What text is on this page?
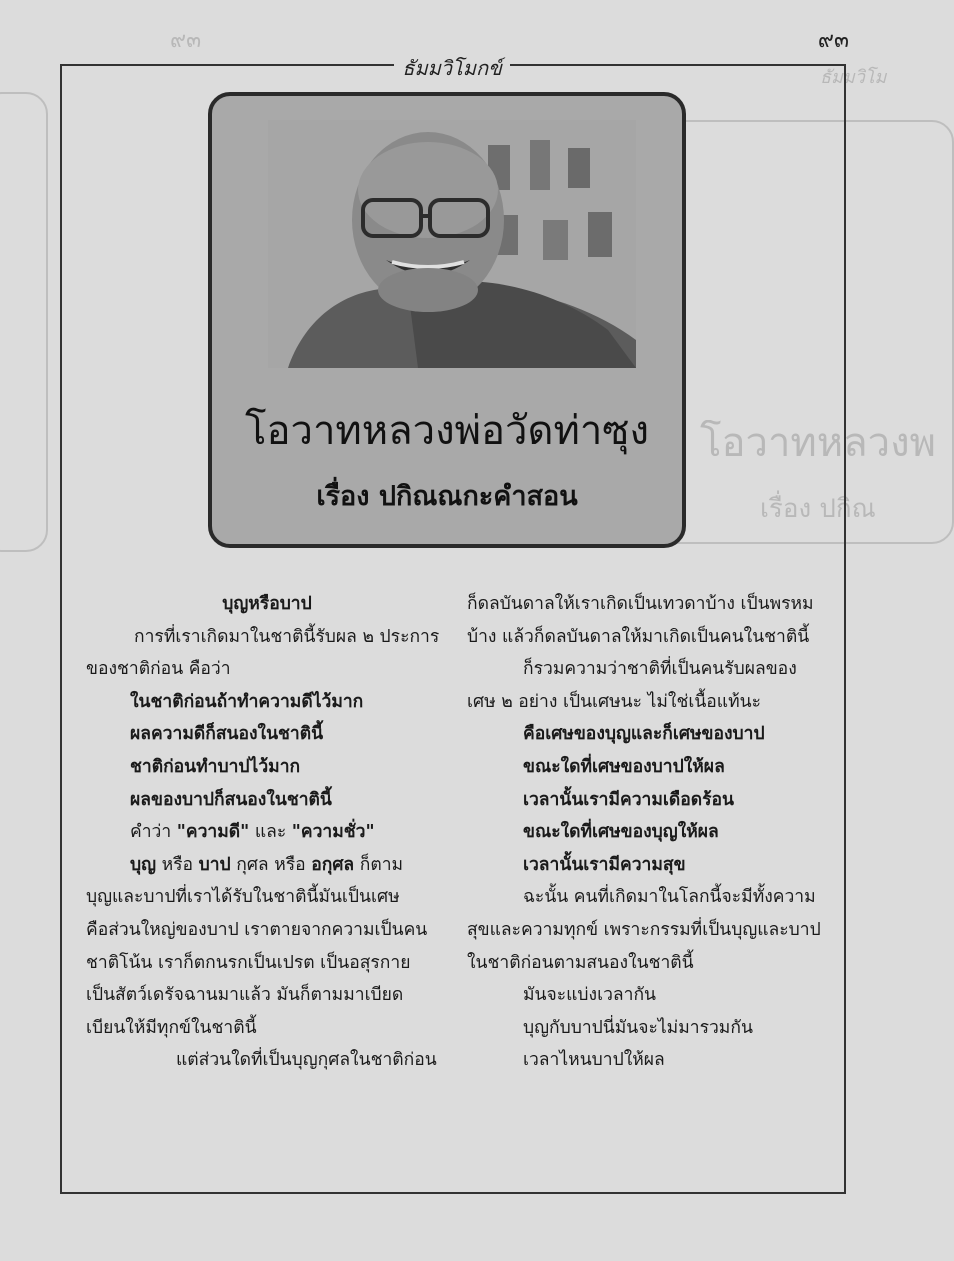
โอวาทหลวงพ
เรื่อง ปกิณ
ธัมมวิโม
๙๓	๙๓
ธัมมวิโมกข์
โอวาทหลวงพ่อวัดท่าซุง
เรื่อง ปกิณณกะคำสอน

บุญหรือบาป

การที่เราเกิดมาในชาตินี้รับผล ๒ ประการ

ของชาติก่อน คือว่า

ในชาติก่อนถ้าทำความดีไว้มาก

ผลความดีก็สนองในชาตินี้

ชาติก่อนทำบาปไว้มาก

ผลของบาปก็สนองในชาตินี้

คำว่า "ความดี" และ "ความชั่ว"

บุญ หรือ บาป กุศล หรือ อกุศล ก็ตาม

บุญและบาปที่เราได้รับในชาตินี้มันเป็นเศษ

คือส่วนใหญ่ของบาป เราตายจากความเป็นคน

ชาติโน้น เราก็ตกนรกเป็นเปรต เป็นอสุรกาย

เป็นสัตว์เดรัจฉานมาแล้ว มันก็ตามมาเบียด

เบียนให้มีทุกข์ในชาตินี้

แต่ส่วนใดที่เป็นบุญกุศลในชาติก่อน

ก็ดลบันดาลให้เราเกิดเป็นเทวดาบ้าง เป็นพรหม

บ้าง แล้วก็ดลบันดาลให้มาเกิดเป็นคนในชาตินี้

ก็รวมความว่าชาติที่เป็นคนรับผลของ

เศษ ๒ อย่าง เป็นเศษนะ ไม่ใช่เนื้อแท้นะ

คือเศษของบุญและก็เศษของบาป

ขณะใดที่เศษของบาปให้ผล

เวลานั้นเรามีความเดือดร้อน

ขณะใดที่เศษของบุญให้ผล

เวลานั้นเรามีความสุข

ฉะนั้น คนที่เกิดมาในโลกนี้จะมีทั้งความ

สุขและความทุกข์ เพราะกรรมที่เป็นบุญและบาป

ในชาติก่อนตามสนองในชาตินี้

มันจะแบ่งเวลากัน

บุญกับบาปนี่มันจะไม่มารวมกัน

เวลาไหนบาปให้ผล
